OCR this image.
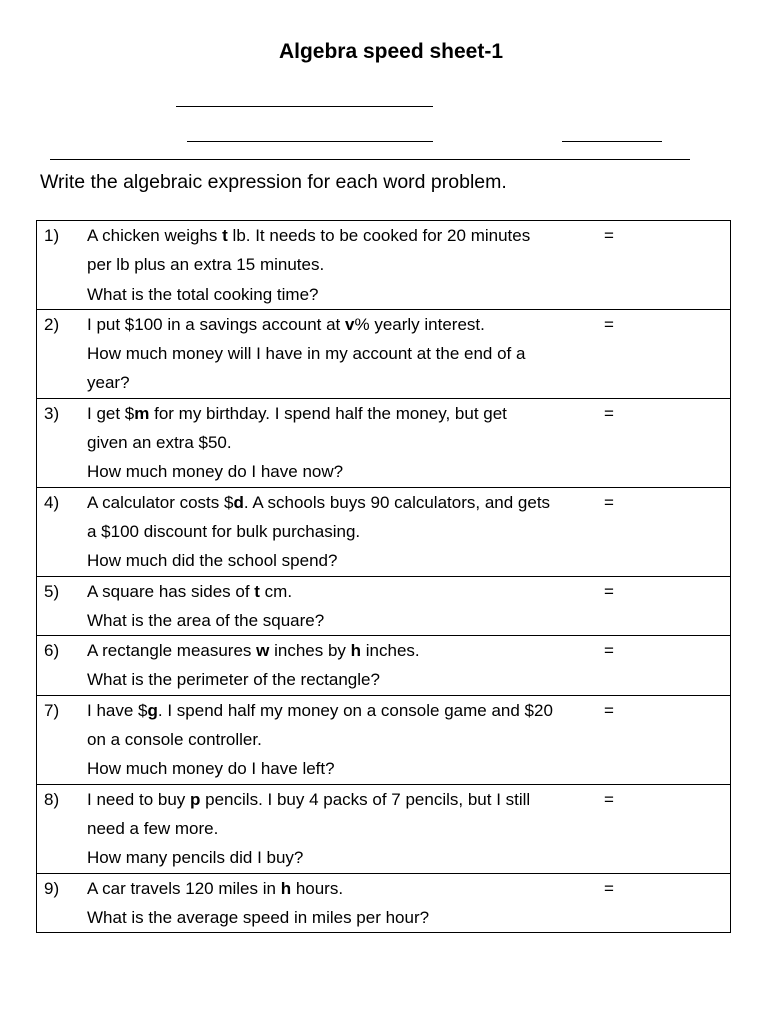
Algebra speed sheet-1
Write the algebraic expression for each word problem.
1)	A chicken weighs t lb. It needs to be cooked for 20 minutes
per lb plus an extra 15 minutes.
What is the total cooking time?
=
2)	I put $100 in a savings account at v% yearly interest.
How much money will I have in my account at the end of a
year?
=
3)	I get $m for my birthday. I spend half the money, but get
given an extra $50.
How much money do I have now?
=
4)	A calculator costs $d. A schools buys 90 calculators, and gets
a $100 discount for bulk purchasing.
How much did the school spend?
=
5)	A square has sides of t cm.
What is the area of the square?
=
6)	A rectangle measures w inches by h inches.
What is the perimeter of the rectangle?
=
7)	I have $g. I spend half my money on a console game and $20
on a console controller.
How much money do I have left?
=
8)	I need to buy p pencils. I buy 4 packs of 7 pencils, but I still
need a few more.
How many pencils did I buy?
=
9)	A car travels 120 miles in h hours.
What is the average speed in miles per hour?
=
